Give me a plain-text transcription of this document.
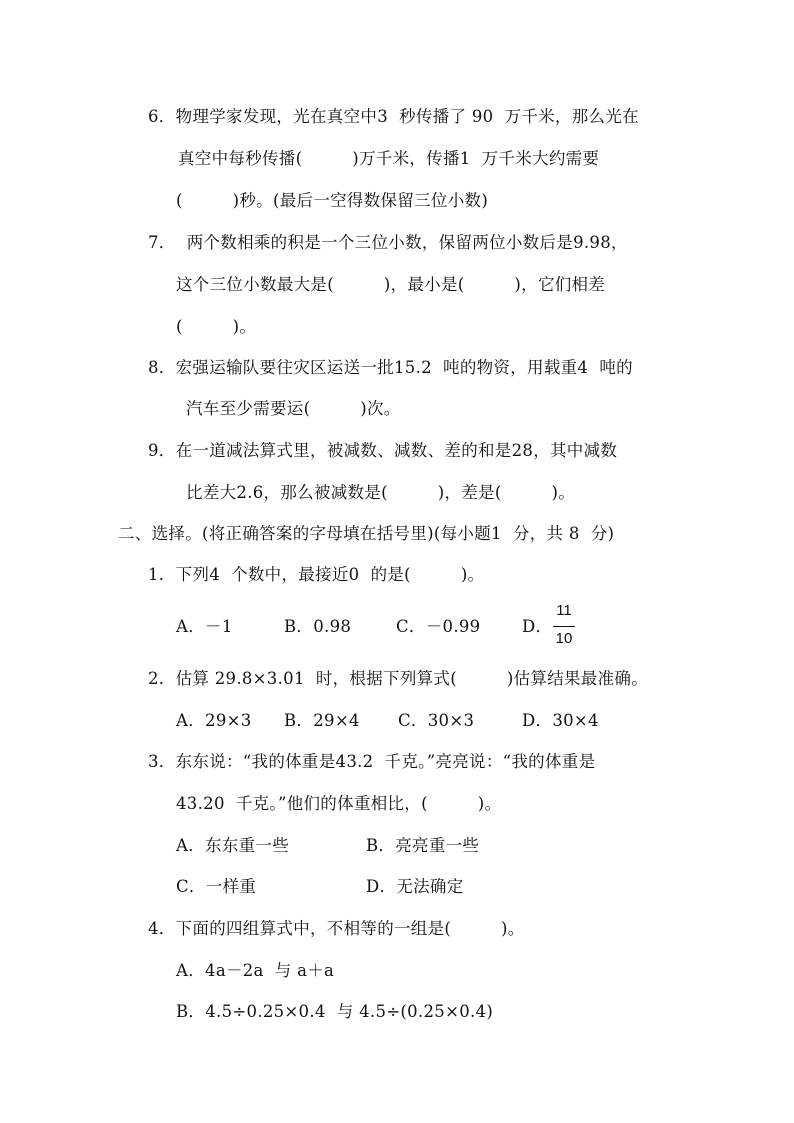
6．物理学家发现，光在真空中3  秒传播了 90  万千米，那么光在
真空中每秒传播(         )万千米，传播1  万千米大约需要
(         )秒。(最后一空得数保留三位小数)
7．  两个数相乘的积是一个三位小数，保留两位小数后是9.98，
这个三位小数最大是(         )，最小是(         )，它们相差
(         )。
8．宏强运输队要往灾区运送一批15.2  吨的物资，用载重4  吨的
汽车至少需要运(         )次。
9．在一道减法算式里，被减数、减数、差的和是28，其中减数
比差大2.6，那么被减数是(         )，差是(         )。
二、选择。(将正确答案的字母填在括号里)(每小题1  分，共 8  分)
1．下列4  个数中，最接近0  的是(         )。
A．－1	B．0.98	C．－0.99	D．
11
10
2．估算 29.8×3.01  时，根据下列算式(         )估算结果最准确。
A．29×3 B．29×4 C．30×3	D．30×4
3．东东说：“我的体重是43.2  千克。”亮亮说：“我的体重是
43.20  千克。”他们的体重相比，(         )。
A．东东重一些	B．亮亮重一些
C．一样重	D．无法确定
4．下面的四组算式中，不相等的一组是(         )。
A．4a－2a  与 a＋a
B．4.5÷0.25×0.4  与 4.5÷(0.25×0.4)
